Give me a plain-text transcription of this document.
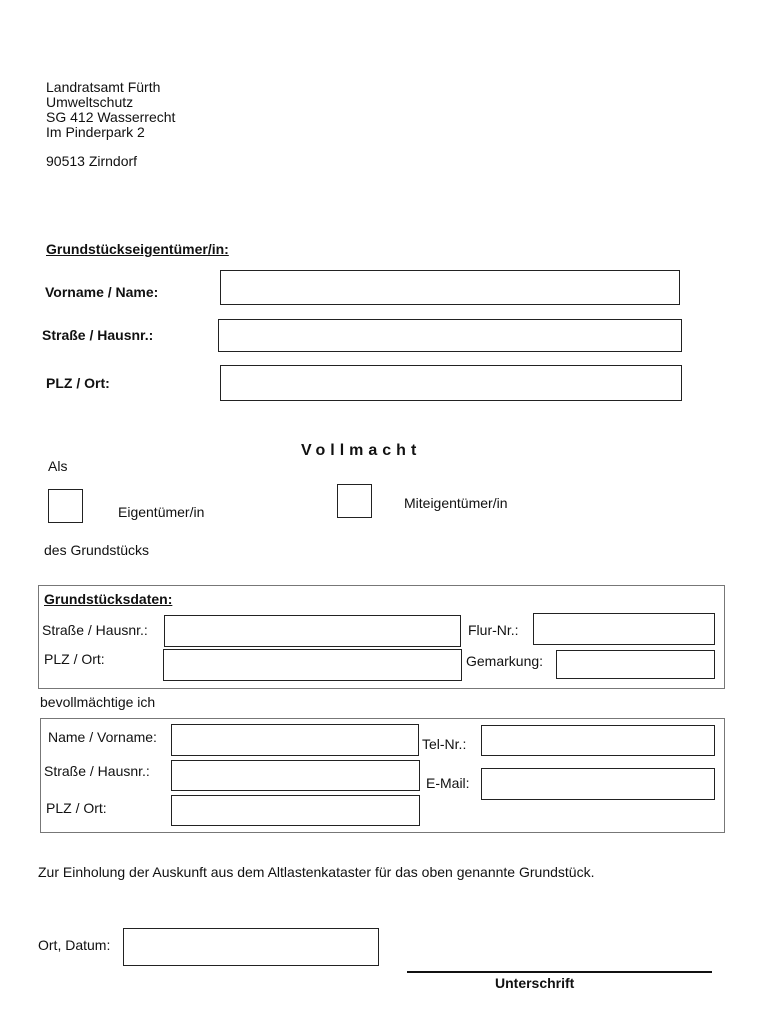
Landratsamt Fürth
Umweltschutz
SG 412 Wasserrecht
Im Pinderpark 2
90513 Zirndorf
Grundstückseigentümer/in:
Vorname / Name:
Straße / Hausnr.:
PLZ / Ort:
Vollmacht
Als
Eigentümer/in
Miteigentümer/in
des Grundstücks
Grundstücksdaten:
Straße / Hausnr.:	Flur-Nr.:
PLZ / Ort:	Gemarkung:
bevollmächtige ich
Name / Vorname:	Tel-Nr.:
Straße / Hausnr.:
E-Mail:
PLZ / Ort:
Zur Einholung der Auskunft aus dem Altlastenkataster für das oben genannte Grundstück.
Ort, Datum:
Unterschrift
